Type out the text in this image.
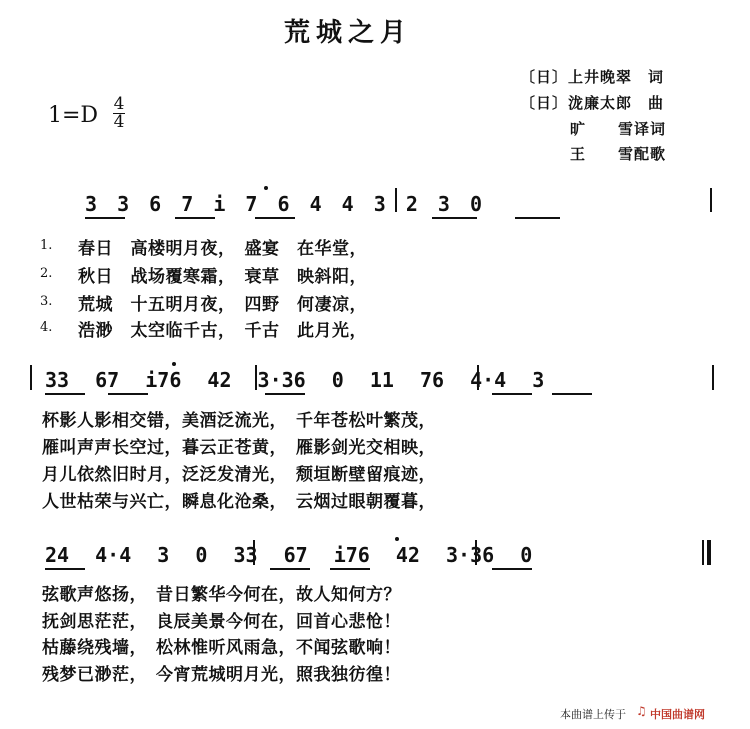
荒城之月
1=D 4
4
〔日〕上井晚翠　词
〔日〕泷廉太郎　曲
旷　　雪译词
王　　雪配歌
3 3 6 7 i 7 6 4 4 3 2 3 0
1. 春日　高楼明月夜，　盛宴　在华堂，
2. 秋日　战场覆寒霜，　衰草　映斜阳，
3. 荒城　十五明月夜，　四野　何凄凉，
4. 浩渺　太空临千古，　千古　此月光，
33 67 i76 42 3·36 0 11 76 4·4 3
杯影人影相交错，美酒泛流光，　千年苍松叶繁茂，
雁叫声声长空过，暮云正苍黄，　雁影剑光交相映，
月儿依然旧时月，泛泛发清光，　颓垣断壁留痕迹，
人世枯荣与兴亡，瞬息化沧桑，　云烟过眼朝覆暮，
24 4·4 3 0 33 67 i76 42 3·36 0
弦歌声悠扬，　昔日繁华今何在，故人知何方？
抚剑思茫茫，　良辰美景今何在，回首心悲怆！
枯藤绕残墙，　松林惟听风雨急，不闻弦歌响！
残梦已渺茫，　今宵荒城明月光，照我独彷徨！
本曲谱上传于 ♫ 中国曲谱网
